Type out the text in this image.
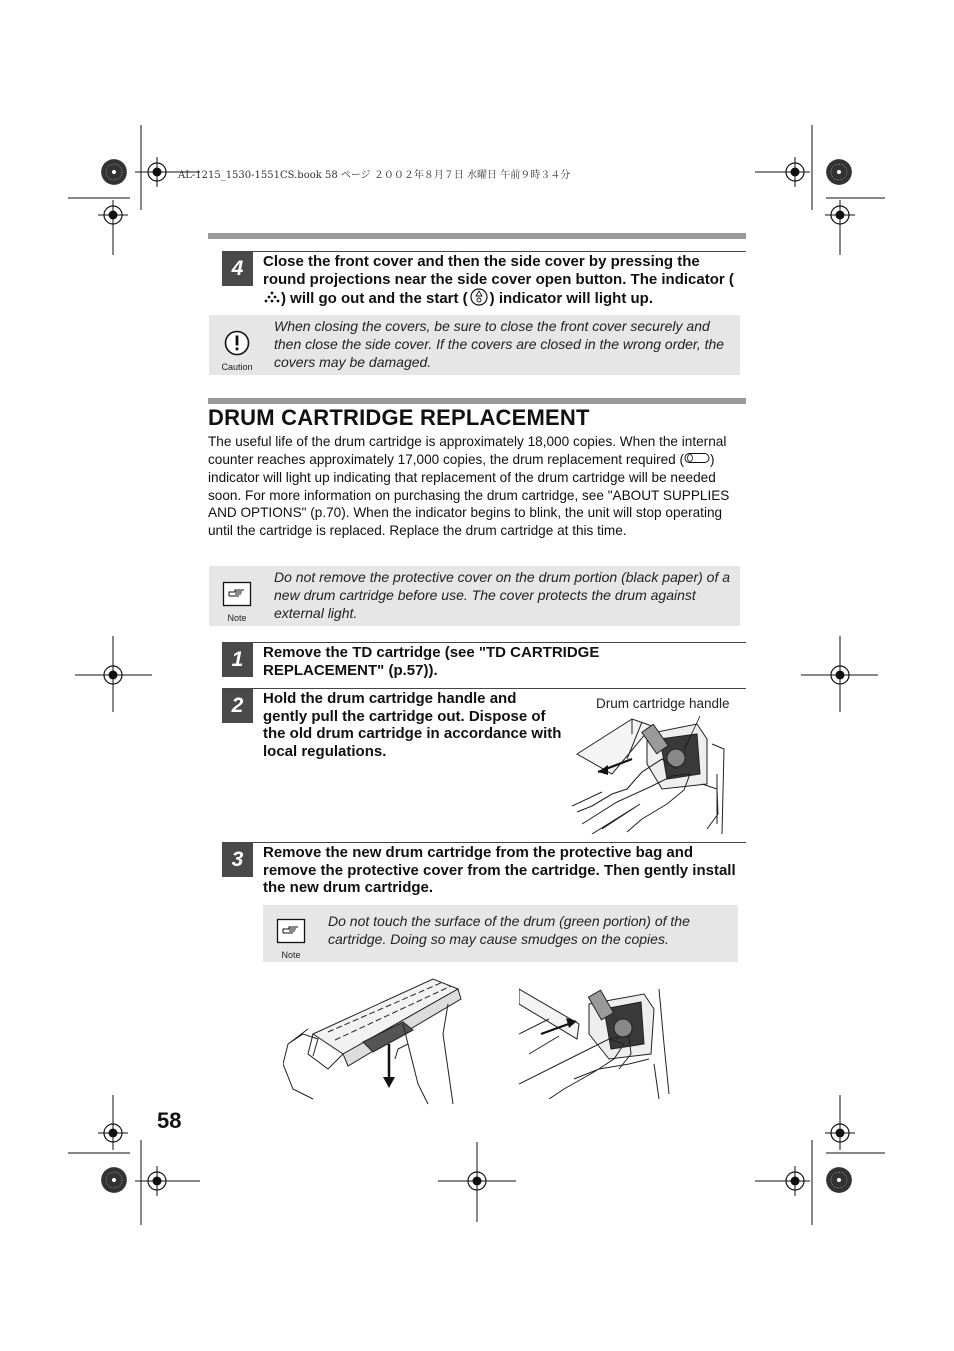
AL-1215_1530-1551CS.book 58 ページ ２００２年８月７日 水曜日 午前９時３４分
4	Close the front cover and then the side cover by pressing the round projections near the side cover open button. The indicator () will go out and the start ( ) indicator will light up.
Caution
When closing the covers, be sure to close the front cover securely and then close the side cover. If the covers are closed in the wrong order, the covers may be damaged.
DRUM CARTRIDGE REPLACEMENT
The useful life of the drum cartridge is approximately 18,000 copies. When the internal counter reaches approximately 17,000 copies, the drum replacement required ( ) indicator will light up indicating that replacement of the drum cartridge will be needed soon. For more information on purchasing the drum cartridge, see "ABOUT SUPPLIES AND OPTIONS" (p.70). When the indicator begins to blink, the unit will stop operating until the cartridge is replaced. Replace the drum cartridge at this time.
Note
Do not remove the protective cover on the drum portion (black paper) of a new drum cartridge before use. The cover protects the drum against external light.
1	Remove the TD cartridge (see "TD CARTRIDGE REPLACEMENT" (p.57)).
2	Hold the drum cartridge handle and gently pull the cartridge out. Dispose of the old drum cartridge in accordance with local regulations.
Drum cartridge handle
3	Remove the new drum cartridge from the protective bag and remove the protective cover from the cartridge. Then gently install the new drum cartridge.
Note
Do not touch the surface of the drum (green portion) of the cartridge. Doing so may cause smudges on the copies.
58
